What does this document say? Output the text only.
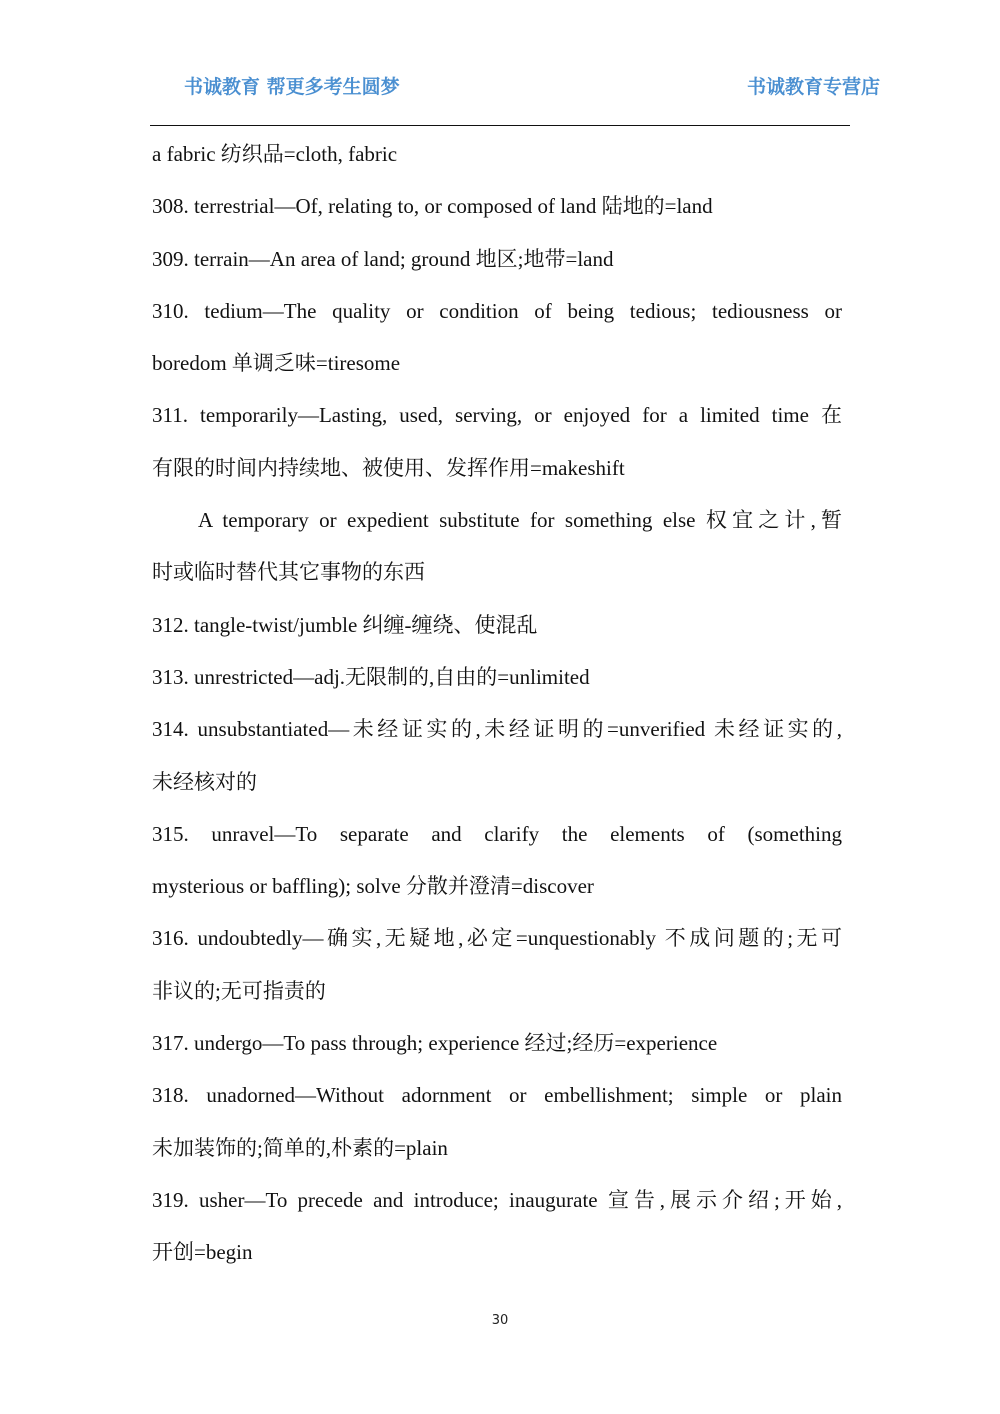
书诚教育 帮更多考生圆梦	书诚教育专营店
a fabric 纺织品=cloth, fabric
308. terrestrial—Of, relating to, or composed of land 陆地的=land
309. terrain—An area of land; ground 地区;地带=land
310. tedium—The quality or condition of being tedious; tediousness or
boredom 单调乏味=tiresome
311. temporarily—Lasting, used, serving, or enjoyed for a limited time 在
有限的时间内持续地、被使用、发挥作用=makeshift
A temporary or expedient substitute for something else 权宜之计,暂
时或临时替代其它事物的东西
312. tangle-twist/jumble 纠缠-缠绕、使混乱
313. unrestricted—adj.无限制的,自由的=unlimited
314. unsubstantiated—未经证实的,未经证明的=unverified 未经证实的,
未经核对的
315. unravel—To separate and clarify the elements of (something
mysterious or baffling); solve 分散并澄清=discover
316. undoubtedly—确实,无疑地,必定=unquestionably 不成问题的;无可
非议的;无可指责的
317. undergo—To pass through; experience 经过;经历=experience
318. unadorned—Without adornment or embellishment; simple or plain
未加装饰的;简单的,朴素的=plain
319. usher—To precede and introduce; inaugurate 宣告,展示介绍;开始,
开创=begin
30
